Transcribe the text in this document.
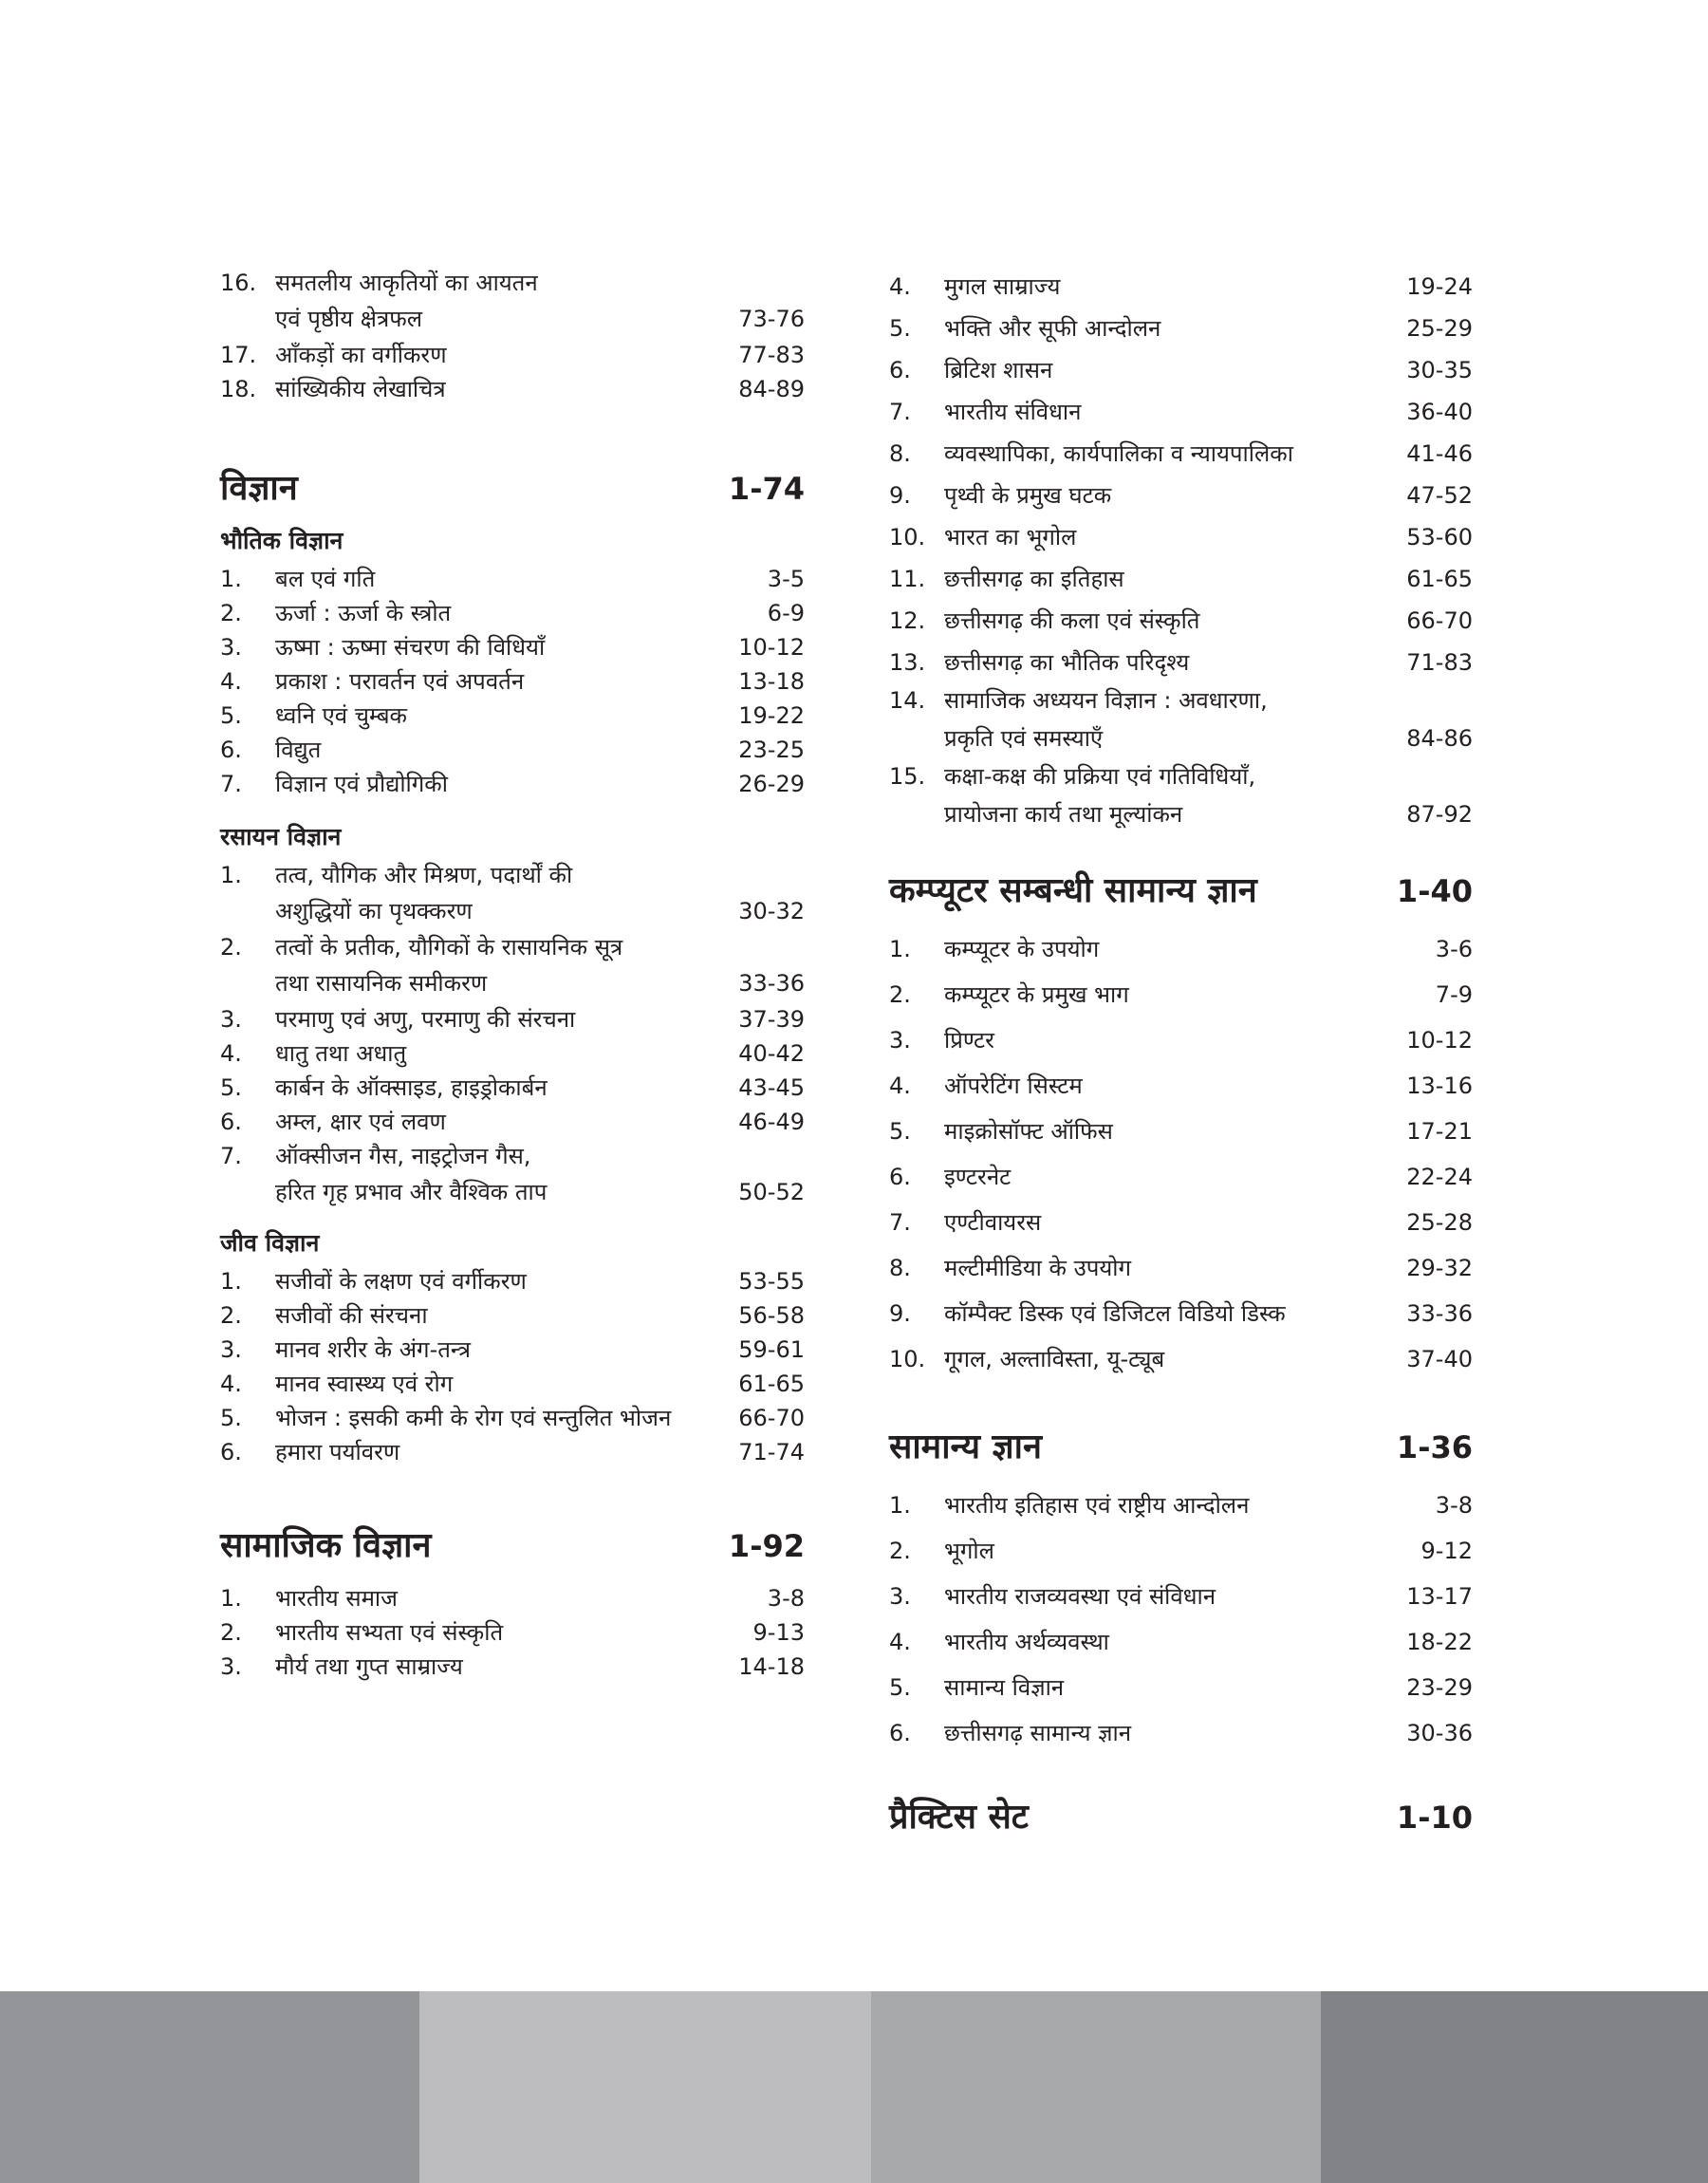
16. समतलीय आकृतियों का आयतन
एवं पृष्ठीय क्षेत्रफल	73-76
17. आँकड़ों का वर्गीकरण	77-83
18. सांख्यिकीय लेखाचित्र	84-89
विज्ञान	1-74
भौतिक विज्ञान
1.	बल एवं गति	3-5
2.	ऊर्जा : ऊर्जा के स्त्रोत	6-9
3.	ऊष्मा : ऊष्मा संचरण की विधियाँ	10-12
4.	प्रकाश : परावर्तन एवं अपवर्तन	13-18
5.	ध्वनि एवं चुम्बक	19-22
6.	विद्युत	23-25
7.	विज्ञान एवं प्रौद्योगिकी	26-29
रसायन विज्ञान
1.	तत्व, यौगिक और मिश्रण, पदार्थों की
अशुद्धियों का पृथक्करण	30-32
2.	तत्वों के प्रतीक, यौगिकों के रासायनिक सूत्र
तथा रासायनिक समीकरण	33-36
3.	परमाणु एवं अणु, परमाणु की संरचना	37-39
4.	धातु तथा अधातु	40-42
5.	कार्बन के ऑक्साइड, हाइड्रोकार्बन	43-45
6.	अम्ल, क्षार एवं लवण	46-49
7.	ऑक्सीजन गैस, नाइट्रोजन गैस,
हरित गृह प्रभाव और वैश्विक ताप	50-52
जीव विज्ञान
1.	सजीवों के लक्षण एवं वर्गीकरण	53-55
2.	सजीवों की संरचना	56-58
3.	मानव शरीर के अंग-तन्त्र	59-61
4.	मानव स्वास्थ्य एवं रोग	61-65
5.	भोजन : इसकी कमी के रोग एवं सन्तुलित भोजन	66-70
6.	हमारा पर्यावरण	71-74
सामाजिक विज्ञान	1-92
1.	भारतीय समाज	3-8
2.	भारतीय सभ्यता एवं संस्कृति	9-13
3.	मौर्य तथा गुप्त साम्राज्य	14-18
4.	मुगल साम्राज्य	19-24
5.	भक्ति और सूफी आन्दोलन	25-29
6.	ब्रिटिश शासन	30-35
7.	भारतीय संविधान	36-40
8.	व्यवस्थापिका, कार्यपालिका व न्यायपालिका	41-46
9.	पृथ्वी के प्रमुख घटक	47-52
10. भारत का भूगोल	53-60
11. छत्तीसगढ़ का इतिहास	61-65
12. छत्तीसगढ़ की कला एवं संस्कृति	66-70
13. छत्तीसगढ़ का भौतिक परिदृश्य	71-83
14. सामाजिक अध्ययन विज्ञान : अवधारणा,
प्रकृति एवं समस्याएँ	84-86
15. कक्षा-कक्ष की प्रक्रिया एवं गतिविधियाँ,
प्रायोजना कार्य तथा मूल्यांकन	87-92
कम्प्यूटर सम्बन्धी सामान्य ज्ञान	1-40
1.	कम्प्यूटर के उपयोग	3-6
2.	कम्प्यूटर के प्रमुख भाग	7-9
3.	प्रिण्टर	10-12
4.	ऑपरेटिंग सिस्टम	13-16
5.	माइक्रोसॉफ्ट ऑफिस	17-21
6.	इण्टरनेट	22-24
7.	एण्टीवायरस	25-28
8.	मल्टीमीडिया के उपयोग	29-32
9.	कॉम्पैक्ट डिस्क एवं डिजिटल विडियो डिस्क	33-36
10. गूगल, अल्ताविस्ता, यू-ट्यूब	37-40
सामान्य ज्ञान	1-36
1.	भारतीय इतिहास एवं राष्ट्रीय आन्दोलन	3-8
2.	भूगोल	9-12
3.	भारतीय राजव्यवस्था एवं संविधान	13-17
4.	भारतीय अर्थव्यवस्था	18-22
5.	सामान्य विज्ञान	23-29
6.	छत्तीसगढ़ सामान्य ज्ञान	30-36
प्रैक्टिस सेट	1-10
